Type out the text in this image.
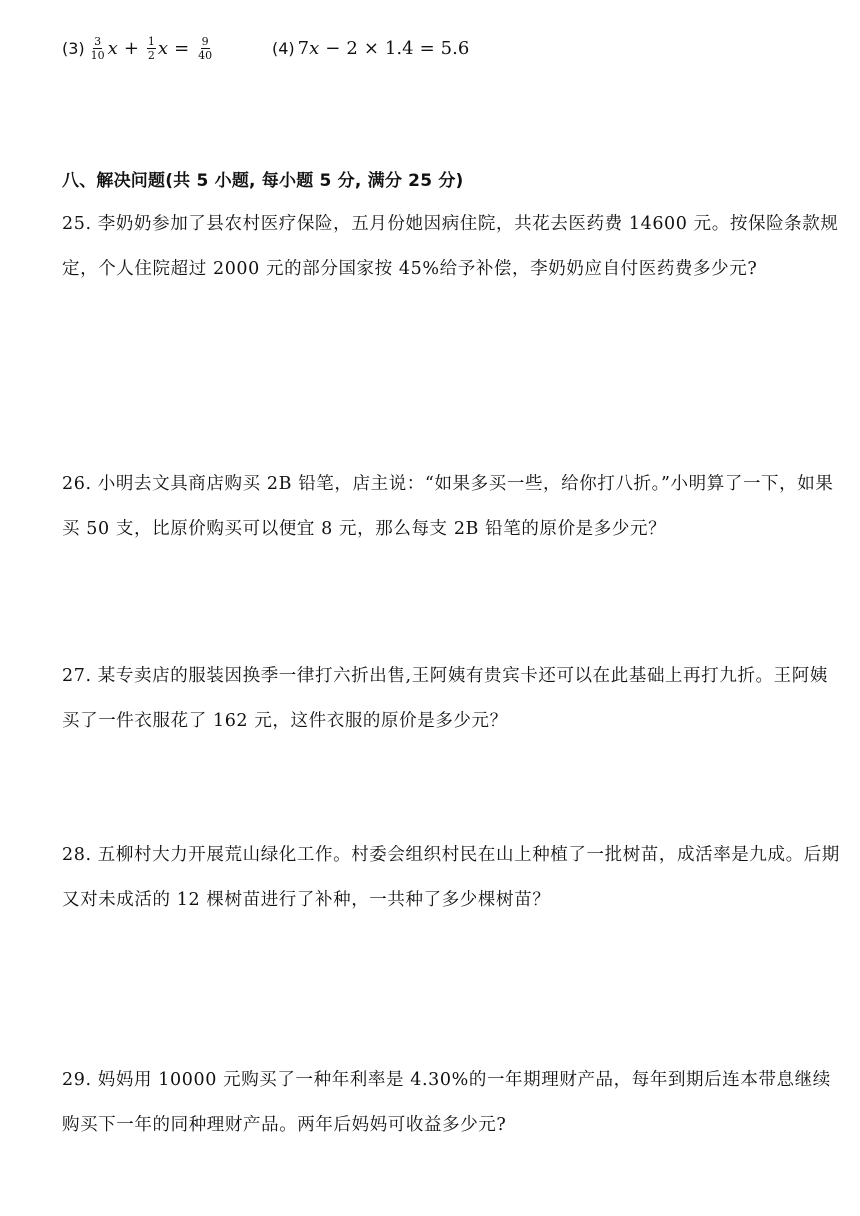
$(3) \frac{3}{10}$ $x + \frac{1}{2}$ $x = \frac{9}{40}$	(4) 7 x − 2 × 1.4 = 5.6
八、解决问题(共 5 小题, 每小题 5 分, 满分 25 分)
25. 李奶奶参加了县农村医疗保险，五月份她因病住院，共花去医药费 14600 元。按保险条款规定，个人住院超过 2000 元的部分国家按 45%给予补偿，李奶奶应自付医药费多少元?
26. 小明去文具商店购买 2B 铅笔，店主说：“如果多买一些，给你打八折。”小明算了一下，如果买 50 支，比原价购买可以便宜 8 元，那么每支 2B 铅笔的原价是多少元？
27. 某专卖店的服装因换季一律打六折出售,王阿姨有贵宾卡还可以在此基础上再打九折。王阿姨买了一件衣服花了 162 元，这件衣服的原价是多少元？
28. 五柳村大力开展荒山绿化工作。村委会组织村民在山上种植了一批树苗，成活率是九成。后期又对未成活的 12 棵树苗进行了补种，一共种了多少棵树苗？
29. 妈妈用 10000 元购买了一种年利率是 4.30%的一年期理财产品，每年到期后连本带息继续购买下一年的同种理财产品。两年后妈妈可收益多少元?
